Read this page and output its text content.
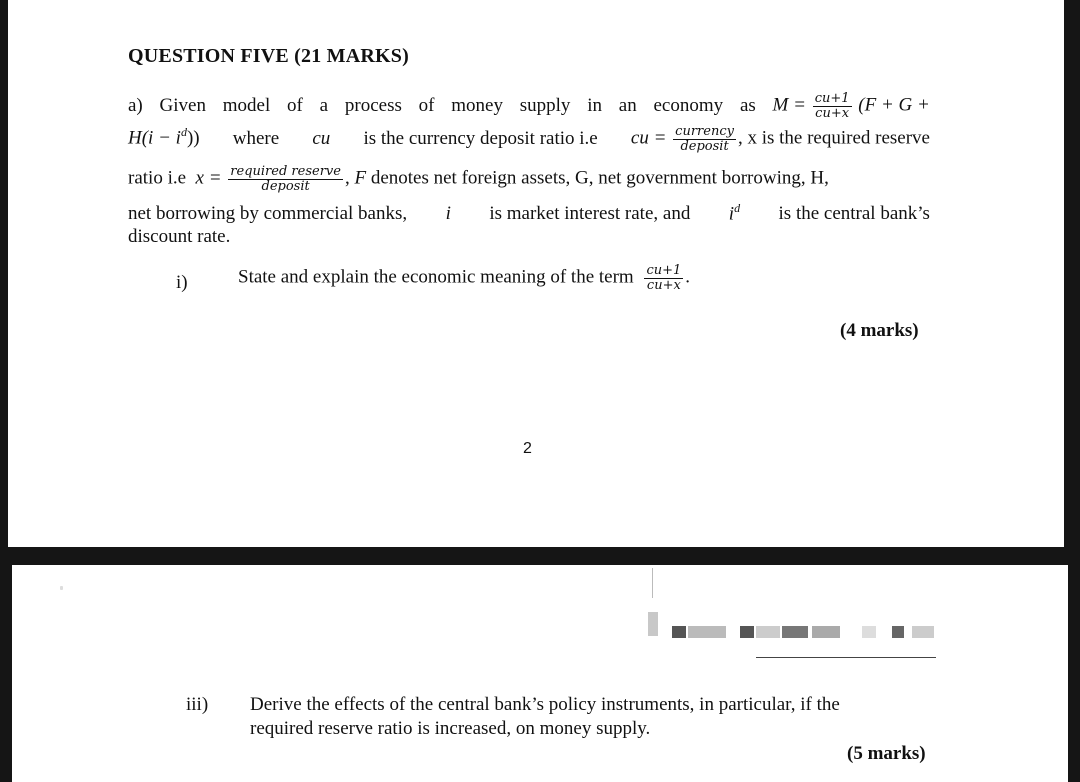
QUESTION FIVE (21 MARKS)
a) Given model of a process of money supply in an economy as $M = \frac{cu+1}{cu+x} (F + G$ +
$H(i - i^d)$) where cu is the currency deposit ratio i.e cu = $\frac{\text{currency}}{\text{deposit}}$ , x is the required reserve
ratio i.e $x = \frac{\text{required reserve}}{\text{deposit}}$ , F denotes net foreign assets, G, net government borrowing, H,
net borrowing by commercial banks, i is market interest rate, and $i^d$ is the central bank’s
discount rate.
i)	State and explain the economic meaning of the term $\frac{cu+1}{cu+x}$ .
(4 marks)
2
iii) Derive the effects of the central bank’s policy instruments, in particular, if the
required reserve ratio is increased, on money supply.
(5 marks)
